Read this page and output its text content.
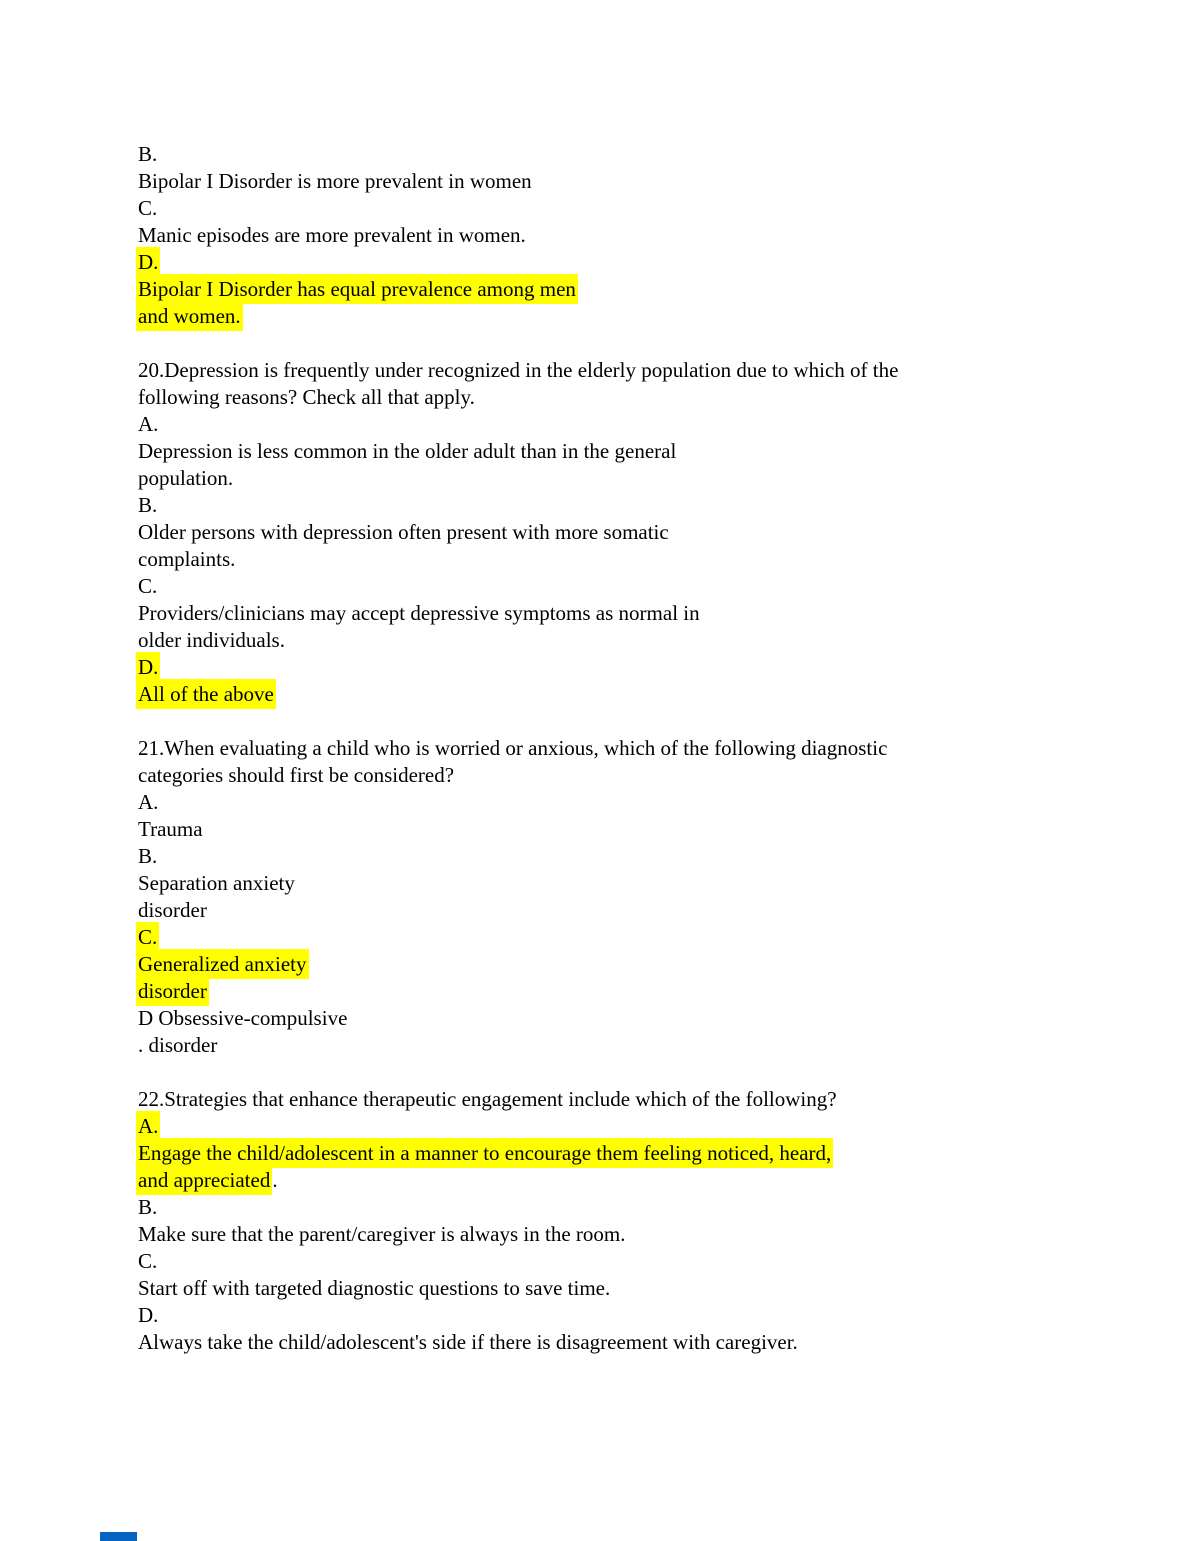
B.
Bipolar I Disorder is more prevalent in women
C.
Manic episodes are more prevalent in women.
D.
Bipolar I Disorder has equal prevalence among men
and women.
20.Depression is frequently under recognized in the elderly population due to which of the
following reasons? Check all that apply.
A.
Depression is less common in the older adult than in the general
population.
B.
Older persons with depression often present with more somatic
complaints.
C.
Providers/clinicians may accept depressive symptoms as normal in
older individuals.
D.
All of the above
21.When evaluating a child who is worried or anxious, which of the following diagnostic
categories should first be considered?
A.
Trauma
B.
Separation anxiety
disorder
C.
Generalized anxiety
disorder
D Obsessive-compulsive
. disorder
22.Strategies that enhance therapeutic engagement include which of the following?
A.
Engage the child/adolescent in a manner to encourage them feeling noticed, heard,
and appreciated.
B.
Make sure that the parent/caregiver is always in the room.
C.
Start off with targeted diagnostic questions to save time.
D.
Always take the child/adolescent's side if there is disagreement with caregiver.
